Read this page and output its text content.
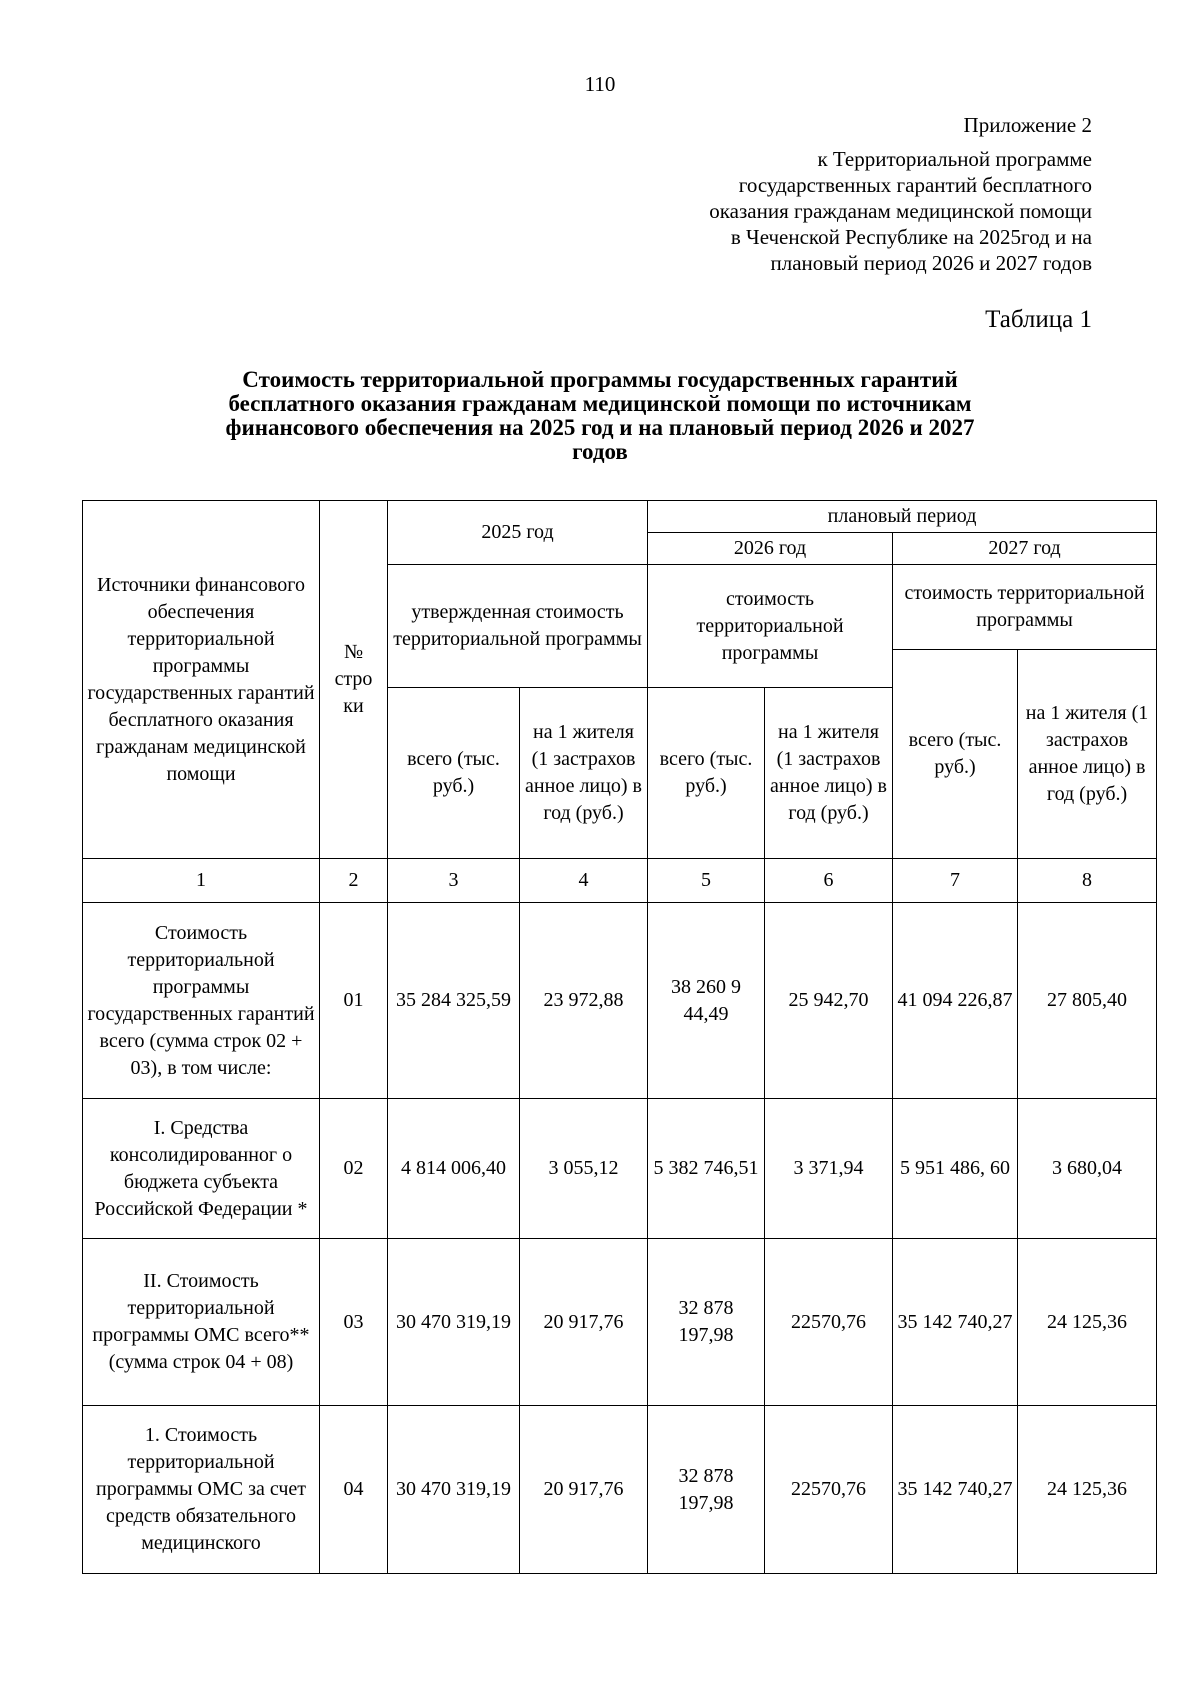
110
Приложение 2
к Территориальной программе
государственных гарантий бесплатного
оказания гражданам медицинской помощи
в Чеченской Республике на 2025год и на
плановый период 2026 и 2027 годов
Таблица 1
Стоимость территориальной программы государственных гарантий
бесплатного оказания гражданам медицинской помощи по источникам
финансового обеспечения на 2025 год и на плановый период 2026 и 2027
годов
Источники финансового обеспечения территориальной программы государственных гарантий бесплатного оказания гражданам медицинской помощи	№ стро ки	2025 год		плановый период			
				2026 год		2027 год	
		утвержденная стоимость территориальной программы		стоимость территориальной программы		стоимость территориальной программы	
						всего (тыс. руб.)	на 1 жителя (1 застрахов анное лицо) в год (руб.)
		всего (тыс. руб.)	на 1 жителя (1 застрахов анное лицо) в год (руб.)	всего (тыс. руб.)	на 1 жителя (1 застрахов анное лицо) в год (руб.)		
1	2	3	4	5	6	7	8
Стоимость территориальной программы государственных гарантий всего (сумма строк 02 + 03), в том числе:	01	35 284 325,59	23 972,88	38 260 9 44,49	25 942,70	41 094 226,87	27 805,40
I. Средства консолидированног о бюджета субъекта Российской Федерации *	02	4 814 006,40	3 055,12	5 382 746,51	3 371,94	5 951 486, 60	3 680,04
II. Стоимость территориальной программы ОМС всего** (сумма строк 04 + 08)	03	30 470 319,19	20 917,76	32 878 197,98	22570,76	35 142 740,27	24 125,36
1. Стоимость территориальной программы ОМС за счет средств обязательного медицинского	04	30 470 319,19	20 917,76	32 878 197,98	22570,76	35 142 740,27	24 125,36
